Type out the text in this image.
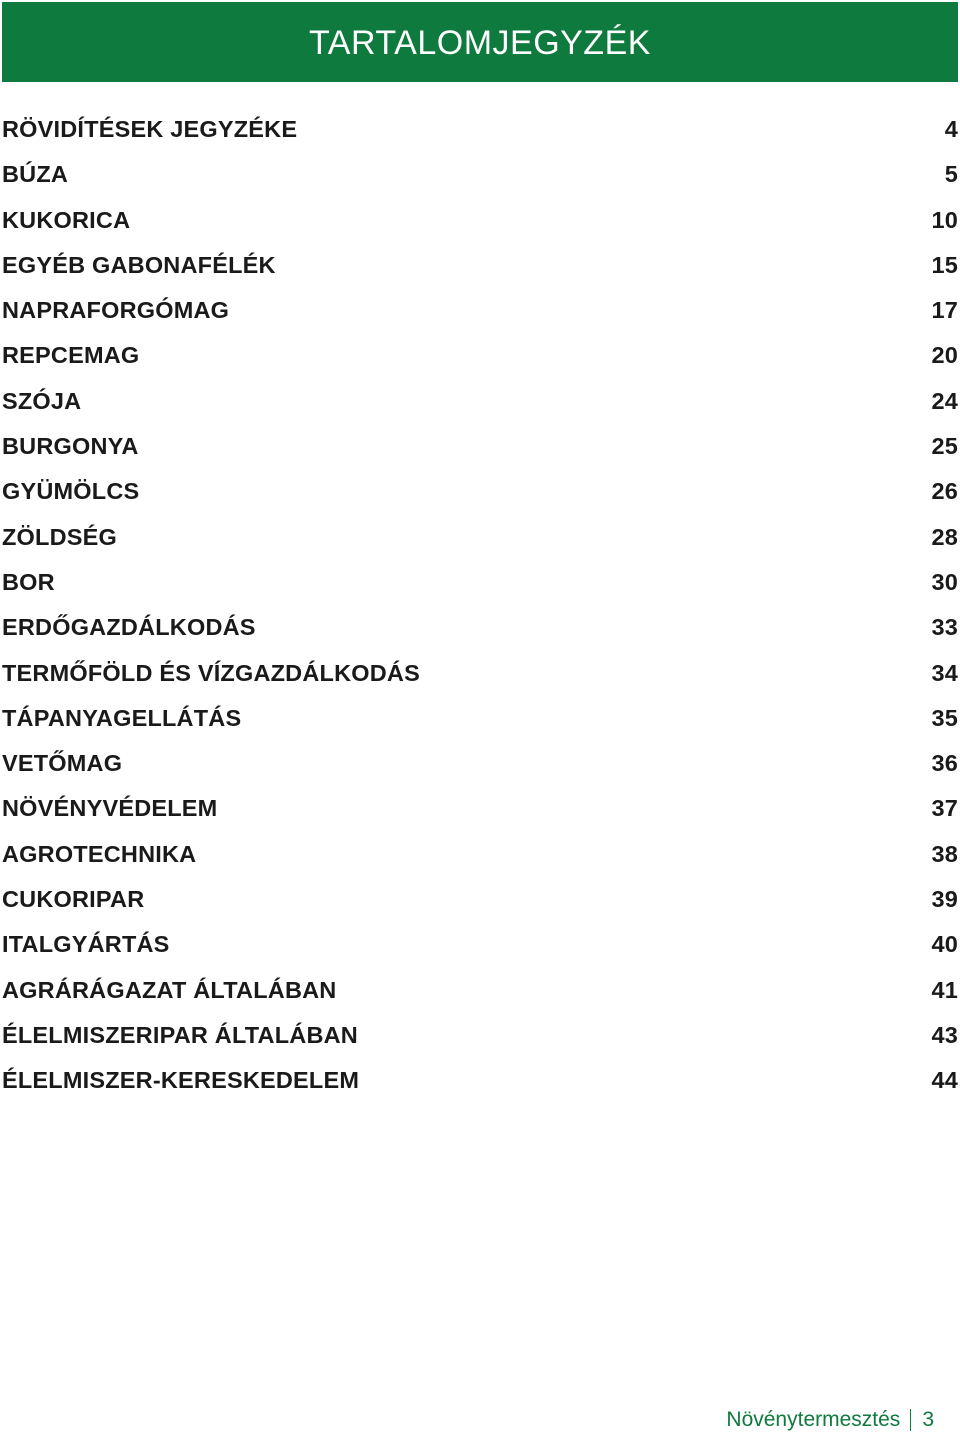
TARTALOMJEGYZÉK
RÖVIDÍTÉSEK JEGYZÉKE	4
BÚZA	5
KUKORICA	10
EGYÉB GABONAFÉLÉK	15
NAPRAFORGÓMAG	17
REPCEMAG	20
SZÓJA	24
BURGONYA	25
GYÜMÖLCS	26
ZÖLDSÉG	28
BOR	30
ERDŐGAZDÁLKODÁS	33
TERMŐFÖLD ÉS VÍZGAZDÁLKODÁS	34
TÁPANYAGELLÁTÁS	35
VETŐMAG	36
NÖVÉNYVÉDELEM	37
AGROTECHNIKA	38
CUKORIPAR	39
ITALGYÁRTÁS	40
AGRÁRÁGAZAT ÁLTALÁBAN	41
ÉLELMISZERIPAR ÁLTALÁBAN	43
ÉLELMISZER-KERESKEDELEM	44
Növénytermesztés 3
